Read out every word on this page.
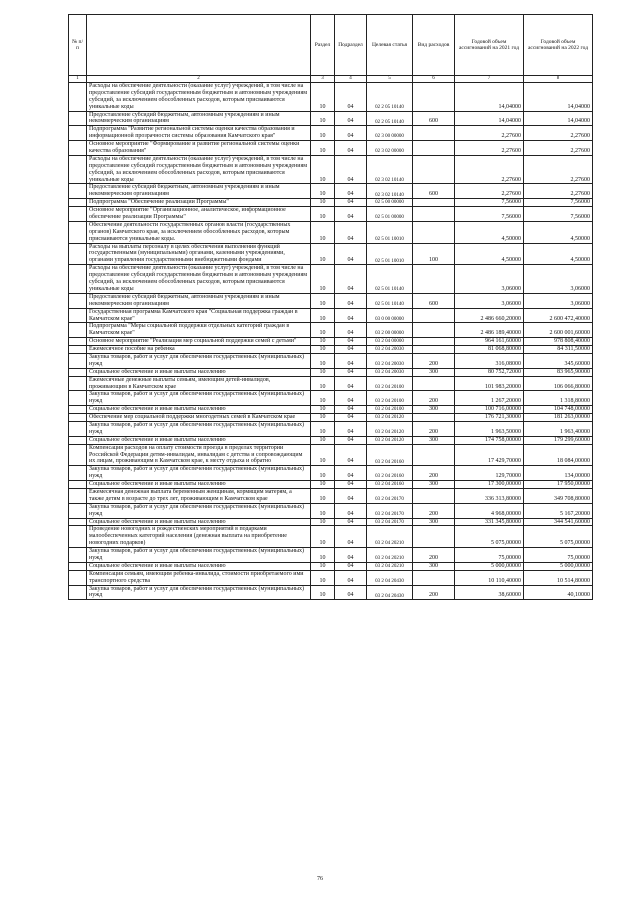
№ п/п		Раздел	Подраздел	Целевая статья	Вид расходов	Годовой объем ассигнований на 2021 год	Годовой объем ассигнований на 2022 год
1	2	3	4	5	6	7	8
	Расходы на обеспечение деятельности (оказание услуг) учреждений, в том числе на предоставление субсидий государственным бюджетным и автономным учреждениям субсидий, за исключением обособленных расходов, которым присваиваются уникальные коды	10	04	02 2 05 10140		14,04000	14,04000
	Предоставление субсидий бюджетным, автономным учреждениям и иным некоммерческим организациям	10	04	02 2 05 10140	600	14,04000	14,04000
	Подпрограмма "Развитие региональной системы оценки качества образования и информационной прозрачности системы образования Камчатского края"	10	04	02 3 00 00000		2,27600	2,27600
	Основное мероприятие "Формирование и развитие региональной системы оценки качества образования"	10	04	02 3 02 00000		2,27600	2,27600
	Расходы на обеспечение деятельности (оказание услуг) учреждений, в том числе на предоставление субсидий государственным бюджетным и автономным учреждениям субсидий, за исключением обособленных расходов, которым присваиваются уникальные коды	10	04	02 3 02 10140		2,27600	2,27600
	Предоставление субсидий бюджетным, автономным учреждениям и иным некоммерческим организациям	10	04	02 3 02 10140	600	2,27600	2,27600
	Подпрограмма "Обеспечение реализации Программы"	10	04	02 5 00 00000		7,56000	7,56000
	Основное мероприятие "Организационное, аналитическое, информационное обеспечение реализации Программы"	10	04	02 5 01 00000		7,56000	7,56000
	Обеспечение деятельности государственных органов власти (государственных органов) Камчатского края, за исключением обособленных расходов, которым присваиваются уникальные коды.	10	04	02 5 01 10010		4,50000	4,50000
	Расходы на выплаты персоналу в целях обеспечения выполнения функций государственными (муниципальными) органами, казенными учреждениями, органами управления государственными внебюджетными фондами	10	04	02 5 01 10010	100	4,50000	4,50000
	Расходы на обеспечение деятельности (оказание услуг) учреждений, в том числе на предоставление субсидий государственным бюджетным и автономным учреждениям субсидий, за исключением обособленных расходов, которым присваиваются уникальные коды	10	04	02 5 01 10140		3,06000	3,06000
	Предоставление субсидий бюджетным, автономным учреждениям и иным некоммерческим организациям	10	04	02 5 01 10140	600	3,06000	3,06000
	Государственная программа Камчатского края "Социальная поддержка граждан в Камчатском крае"	10	04	03 0 00 00000		2 486 660,20000	2 600 472,40000
	Подпрограмма "Меры социальной поддержки отдельных категорий граждан в Камчатском крае"	10	04	03 2 00 00000		2 486 189,40000	2 600 001,60000
	Основное мероприятие "Реализация мер социальной поддержки семей с детьми"	10	04	03 2 04 00000		964 161,60000	978 808,40000
	Ежемесячное пособие на ребенка	10	04	03 2 04 20030		81 068,80000	84 311,50000
	Закупка товаров, работ и услуг для обеспечения государственных (муниципальных) нужд	10	04	03 2 04 20030	200	316,08000	345,60000
	Социальное обеспечение и иные выплаты населению	10	04	03 2 04 20030	300	80 752,72000	83 965,90000
	Ежемесячные денежные выплаты семьям, имеющим детей-инвалидов, проживающим в Камчатском крае	10	04	03 2 04 20100		101 983,20000	106 066,80000
	Закупка товаров, работ и услуг для обеспечения государственных (муниципальных) нужд	10	04	03 2 04 20100	200	1 267,20000	1 318,80000
	Социальное обеспечение и иные выплаты населению	10	04	03 2 04 20100	300	100 716,00000	104 748,00000
	Обеспечение мер социальной поддержки многодетных семей в Камчатском крае	10	04	03 2 04 20120		176 721,30000	181 263,00000
	Закупка товаров, работ и услуг для обеспечения государственных (муниципальных) нужд	10	04	03 2 04 20120	200	1 963,50000	1 963,40000
	Социальное обеспечение и иные выплаты населению	10	04	03 2 04 20120	300	174 758,00000	179 299,60000
	Компенсация расходов на оплату стоимости проезда в пределах территории Российской Федерации детям-инвалидам, инвалидам с детства и сопровождающим их лицам, проживающим в Камчатском крае, к месту отдыха и обратно	10	04	03 2 04 20160		17 429,70000	18 084,00000
	Закупка товаров, работ и услуг для обеспечения государственных (муниципальных) нужд	10	04	03 2 04 20160	200	129,70000	134,00000
	Социальное обеспечение и иные выплаты населению	10	04	03 2 04 20160	300	17 300,00000	17 950,00000
	Ежемесячная денежная выплата беременным женщинам, кормящим матерям, а также детям в возрасте до трех лет, проживающим в Камчатском крае	10	04	03 2 04 20170		336 313,80000	349 708,80000
	Закупка товаров, работ и услуг для обеспечения государственных (муниципальных) нужд	10	04	03 2 04 20170	200	4 968,00000	5 167,20000
	Социальное обеспечение и иные выплаты населению	10	04	03 2 04 20170	300	331 345,80000	344 541,60000
	Проведение новогодних и рождественских мероприятий в подарками малообеспеченных категорий населения (денежная выплата на приобретение новогодних подарков)	10	04	03 2 04 20210		5 075,00000	5 075,00000
	Закупка товаров, работ и услуг для обеспечения государственных (муниципальных) нужд	10	04	03 2 04 20210	200	75,00000	75,00000
	Социальное обеспечение и иные выплаты населению	10	04	03 2 04 20210	300	5 000,00000	5 000,00000
	Компенсация семьям, имеющим ребенка-инвалида, стоимости приобретаемого ими транспортного средства	10	04	03 2 04 20430		10 110,40000	10 514,80000
	Закупка товаров, работ и услуг для обеспечения государственных (муниципальных) нужд	10	04	03 2 04 20430	200	38,60000	40,10000
76
